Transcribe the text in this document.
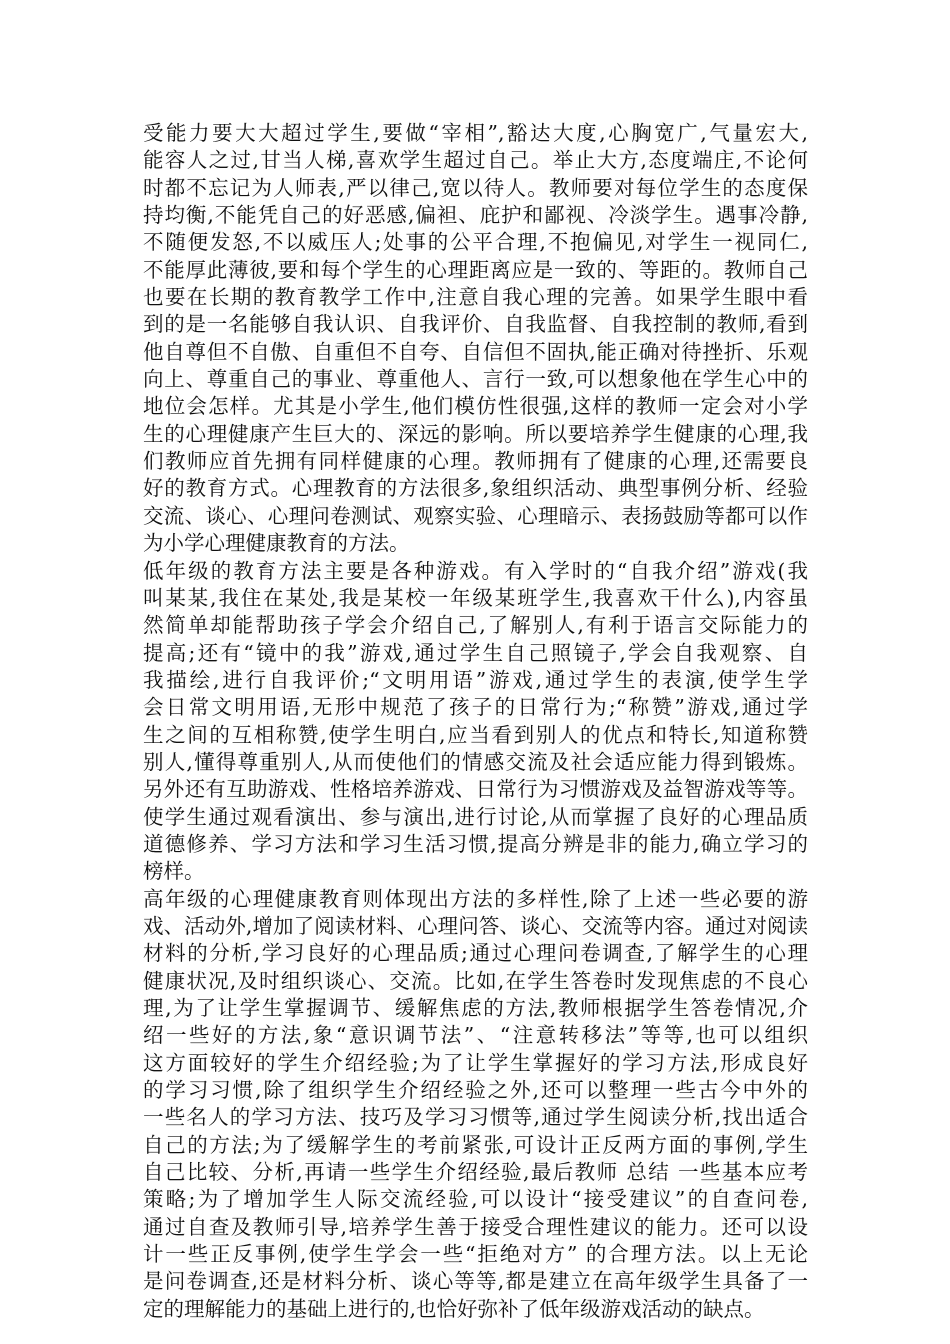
受能力要大大超过学生,要做“宰相”,豁达大度,心胸宽广,气量宏大,
能容人之过,甘当人梯,喜欢学生超过自己。举止大方,态度端庄,不论何
时都不忘记为人师表,严以律己,宽以待人。教师要对每位学生的态度保
持均衡,不能凭自己的好恶感,偏袒、庇护和鄙视、冷淡学生。遇事冷静,
不随便发怒,不以威压人;处事的公平合理,不抱偏见,对学生一视同仁,
不能厚此薄彼,要和每个学生的心理距离应是一致的、等距的。教师自己
也要在长期的教育教学工作中,注意自我心理的完善。如果学生眼中看
到的是一名能够自我认识、自我评价、自我监督、自我控制的教师,看到
他自尊但不自傲、自重但不自夸、自信但不固执,能正确对待挫折、乐观
向上、尊重自己的事业、尊重他人、言行一致,可以想象他在学生心中的
地位会怎样。尤其是小学生,他们模仿性很强,这样的教师一定会对小学
生的心理健康产生巨大的、深远的影响。所以要培养学生健康的心理,我
们教师应首先拥有同样健康的心理。教师拥有了健康的心理,还需要良
好的教育方式。心理教育的方法很多,象组织活动、典型事例分析、经验
交流、谈心、心理问卷测试、观察实验、心理暗示、表扬鼓励等都可以作
为小学心理健康教育的方法。
低年级的教育方法主要是各种游戏。有入学时的“自我介绍”游戏(我
叫某某,我住在某处,我是某校一年级某班学生,我喜欢干什么),内容虽
然简单却能帮助孩子学会介绍自己,了解别人,有利于语言交际能力的
提高;还有“镜中的我”游戏,通过学生自己照镜子,学会自我观察、自
我描绘,进行自我评价;“文明用语”游戏,通过学生的表演,使学生学
会日常文明用语,无形中规范了孩子的日常行为;“称赞”游戏,通过学
生之间的互相称赞,使学生明白,应当看到别人的优点和特长,知道称赞
别人,懂得尊重别人,从而使他们的情感交流及社会适应能力得到锻炼。
另外还有互助游戏、性格培养游戏、日常行为习惯游戏及益智游戏等等。
使学生通过观看演出、参与演出,进行讨论,从而掌握了良好的心理品质
道德修养、学习方法和学习生活习惯,提高分辨是非的能力,确立学习的
榜样。
高年级的心理健康教育则体现出方法的多样性,除了上述一些必要的游
戏、活动外,增加了阅读材料、心理问答、谈心、交流等内容。通过对阅读
材料的分析,学习良好的心理品质;通过心理问卷调查,了解学生的心理
健康状况,及时组织谈心、交流。比如,在学生答卷时发现焦虑的不良心
理,为了让学生掌握调节、缓解焦虑的方法,教师根据学生答卷情况,介
绍一些好的方法,象“意识调节法”、“注意转移法”等等,也可以组织
这方面较好的学生介绍经验;为了让学生掌握好的学习方法,形成良好
的学习习惯,除了组织学生介绍经验之外,还可以整理一些古今中外的
一些名人的学习方法、技巧及学习习惯等,通过学生阅读分析,找出适合
自己的方法;为了缓解学生的考前紧张,可设计正反两方面的事例,学生
自己比较、分析,再请一些学生介绍经验,最后教师 总结 一些基本应考
策略;为了增加学生人际交流经验,可以设计“接受建议”的自查问卷,
通过自查及教师引导,培养学生善于接受合理性建议的能力。还可以设
计一些正反事例,使学生学会一些“拒绝对方” 的合理方法。以上无论
是问卷调查,还是材料分析、谈心等等,都是建立在高年级学生具备了一
定的理解能力的基础上进行的,也恰好弥补了低年级游戏活动的缺点。
